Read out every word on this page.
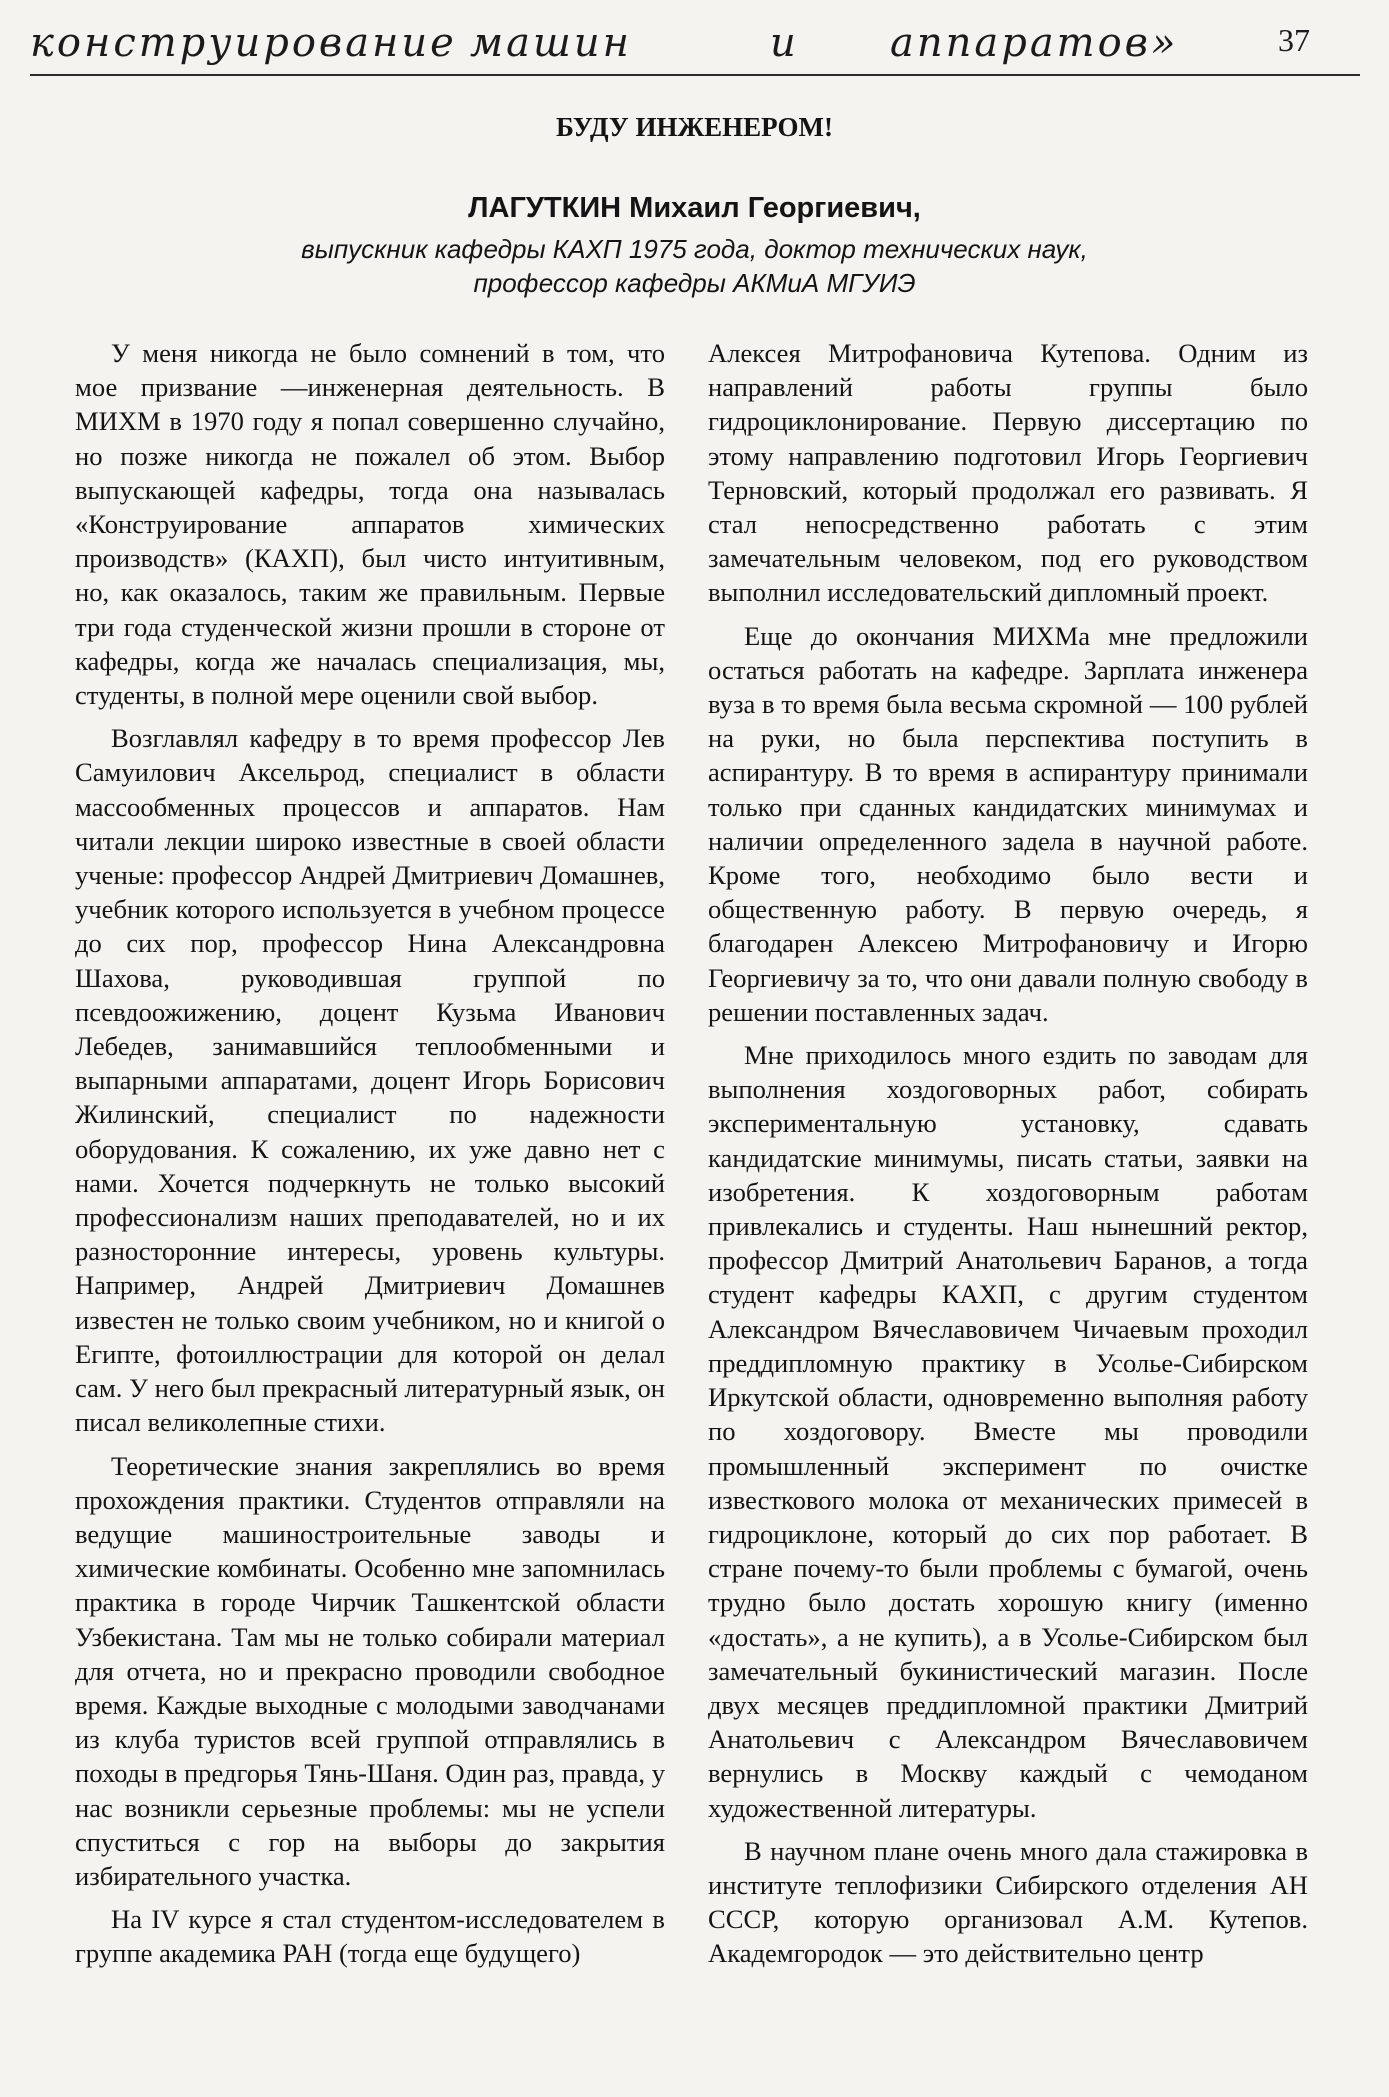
конструирование машин	и аппаратов»	37
БУДУ ИНЖЕНЕРОМ!
ЛАГУТКИН Михаил Георгиевич,
выпускник кафедры КАХП 1975 года, доктор технических наук,
профессор кафедры АКМиА МГУИЭ

У меня никогда не было сомнений в том, что мое призвание —инженерная деятельность. В МИХМ в 1970 году я попал совершенно случайно, но позже никогда не пожалел об этом. Выбор выпускающей кафедры, тогда она называлась «Конструирование аппаратов химических производств» (КАХП), был чисто интуитивным, но, как оказалось, таким же правильным. Первые три года студенческой жизни прошли в стороне от кафедры, когда же началась специализация, мы, студенты, в полной мере оценили свой выбор.

Возглавлял кафедру в то время профессор Лев Самуилович Аксельрод, специалист в области массообменных процессов и аппаратов. Нам читали лекции широко известные в своей области ученые: профессор Андрей Дмитриевич Домашнев, учебник которого используется в учебном процессе до сих пор, профессор Нина Александровна Шахова, руководившая группой по псевдоожижению, доцент Кузьма Иванович Лебедев, занимавшийся теплообменными и выпарными аппаратами, доцент Игорь Борисович Жилинский, специалист по надежности оборудования. К сожалению, их уже давно нет с нами. Хочется подчеркнуть не только высокий профессионализм наших преподавателей, но и их разносторонние интересы, уровень культуры. Например, Андрей Дмитриевич Домашнев известен не только своим учебником, но и книгой о Египте, фотоиллюстрации для которой он делал сам. У него был прекрасный литературный язык, он писал великолепные стихи.

Теоретические знания закреплялись во время прохождения практики. Студентов отправляли на ведущие машиностроительные заводы и химические комбинаты. Особенно мне запомнилась практика в городе Чирчик Ташкентской области Узбекистана. Там мы не только собирали материал для отчета, но и прекрасно проводили свободное время. Каждые выходные с молодыми заводчанами из клуба туристов всей группой отправлялись в походы в предгорья Тянь-Шаня. Один раз, правда, у нас возникли серьезные проблемы: мы не успели спуститься с гор на выборы до закрытия избирательного участка.

На IV курсе я стал студентом-исследователем в группе академика РАН (тогда еще будущего)

Алексея Митрофановича Кутепова. Одним из направлений работы группы было гидроциклонирование. Первую диссертацию по этому направлению подготовил Игорь Георгиевич Терновский, который продолжал его развивать. Я стал непосредственно работать с этим замечательным человеком, под его руководством выполнил исследовательский дипломный проект.

Еще до окончания МИХМа мне предложили остаться работать на кафедре. Зарплата инженера вуза в то время была весьма скромной — 100 рублей на руки, но была перспектива поступить в аспирантуру. В то время в аспирантуру принимали только при сданных кандидатских минимумах и наличии определенного задела в научной работе. Кроме того, необходимо было вести и общественную работу. В первую очередь, я благодарен Алексею Митрофановичу и Игорю Георгиевичу за то, что они давали полную свободу в решении поставленных задач.

Мне приходилось много ездить по заводам для выполнения хоздоговорных работ, собирать экспериментальную установку, сдавать кандидатские минимумы, писать статьи, заявки на изобретения. К хоздоговорным работам привлекались и студенты. Наш нынешний ректор, профессор Дмитрий Анатольевич Баранов, а тогда студент кафедры КАХП, с другим студентом Александром Вячеславовичем Чичаевым проходил преддипломную практику в Усолье-Сибирском Иркутской области, одновременно выполняя работу по хоздоговору. Вместе мы проводили промышленный эксперимент по очистке известкового молока от механических примесей в гидроциклоне, который до сих пор работает. В стране почему-то были проблемы с бумагой, очень трудно было достать хорошую книгу (именно «достать», а не купить), а в Усолье-Сибирском был замечательный букинистический магазин. После двух месяцев преддипломной практики Дмитрий Анатольевич с Александром Вячеславовичем вернулись в Москву каждый с чемоданом художественной литературы.

В научном плане очень много дала стажировка в институте теплофизики Сибирского отделения АН СССР, которую организовал А.М. Кутепов. Академгородок — это действительно центр
